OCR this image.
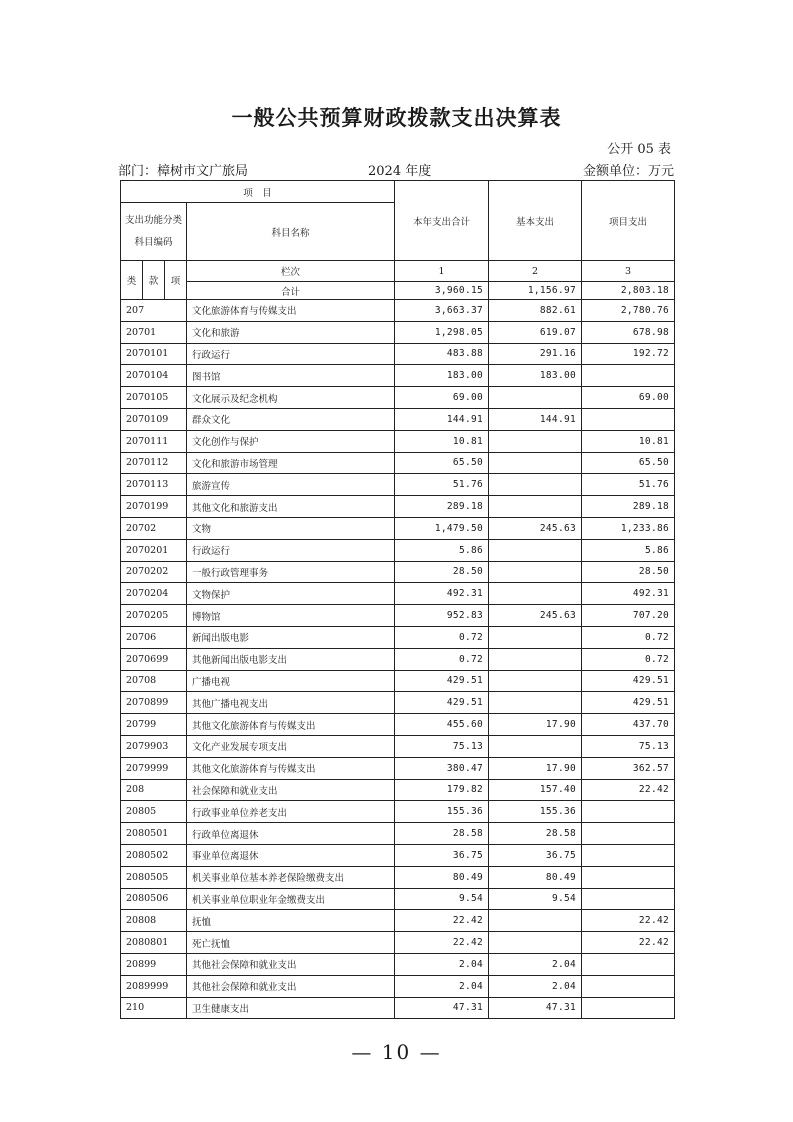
一般公共预算财政拨款支出决算表
公开 05 表
部门：樟树市文广旅局	2024 年度	金额单位：万元
项　目				本年支出合计	基本支出	项目支出
支出功能分类科目编码			科目名称			
类	款	项	栏次	1	2	3
			合计	3,960.15	1,156.97	2,803.18
207			文化旅游体育与传媒支出	3,663.37	882.61	2,780.76
20701			文化和旅游	1,298.05	619.07	678.98
2070101			行政运行	483.88	291.16	192.72
2070104			图书馆	183.00	183.00	
2070105			文化展示及纪念机构	69.00		69.00
2070109			群众文化	144.91	144.91	
2070111			文化创作与保护	10.81		10.81
2070112			文化和旅游市场管理	65.50		65.50
2070113			旅游宣传	51.76		51.76
2070199			其他文化和旅游支出	289.18		289.18
20702			文物	1,479.50	245.63	1,233.86
2070201			行政运行	5.86		5.86
2070202			一般行政管理事务	28.50		28.50
2070204			文物保护	492.31		492.31
2070205			博物馆	952.83	245.63	707.20
20706			新闻出版电影	0.72		0.72
2070699			其他新闻出版电影支出	0.72		0.72
20708			广播电视	429.51		429.51
2070899			其他广播电视支出	429.51		429.51
20799			其他文化旅游体育与传媒支出	455.60	17.90	437.70
2079903			文化产业发展专项支出	75.13		75.13
2079999			其他文化旅游体育与传媒支出	380.47	17.90	362.57
208			社会保障和就业支出	179.82	157.40	22.42
20805			行政事业单位养老支出	155.36	155.36	
2080501			行政单位离退休	28.58	28.58	
2080502			事业单位离退休	36.75	36.75	
2080505			机关事业单位基本养老保险缴费支出	80.49	80.49	
2080506			机关事业单位职业年金缴费支出	9.54	9.54	
20808			抚恤	22.42		22.42
2080801			死亡抚恤	22.42		22.42
20899			其他社会保障和就业支出	2.04	2.04	
2089999			其他社会保障和就业支出	2.04	2.04	
210			卫生健康支出	47.31	47.31	
— 10 —
